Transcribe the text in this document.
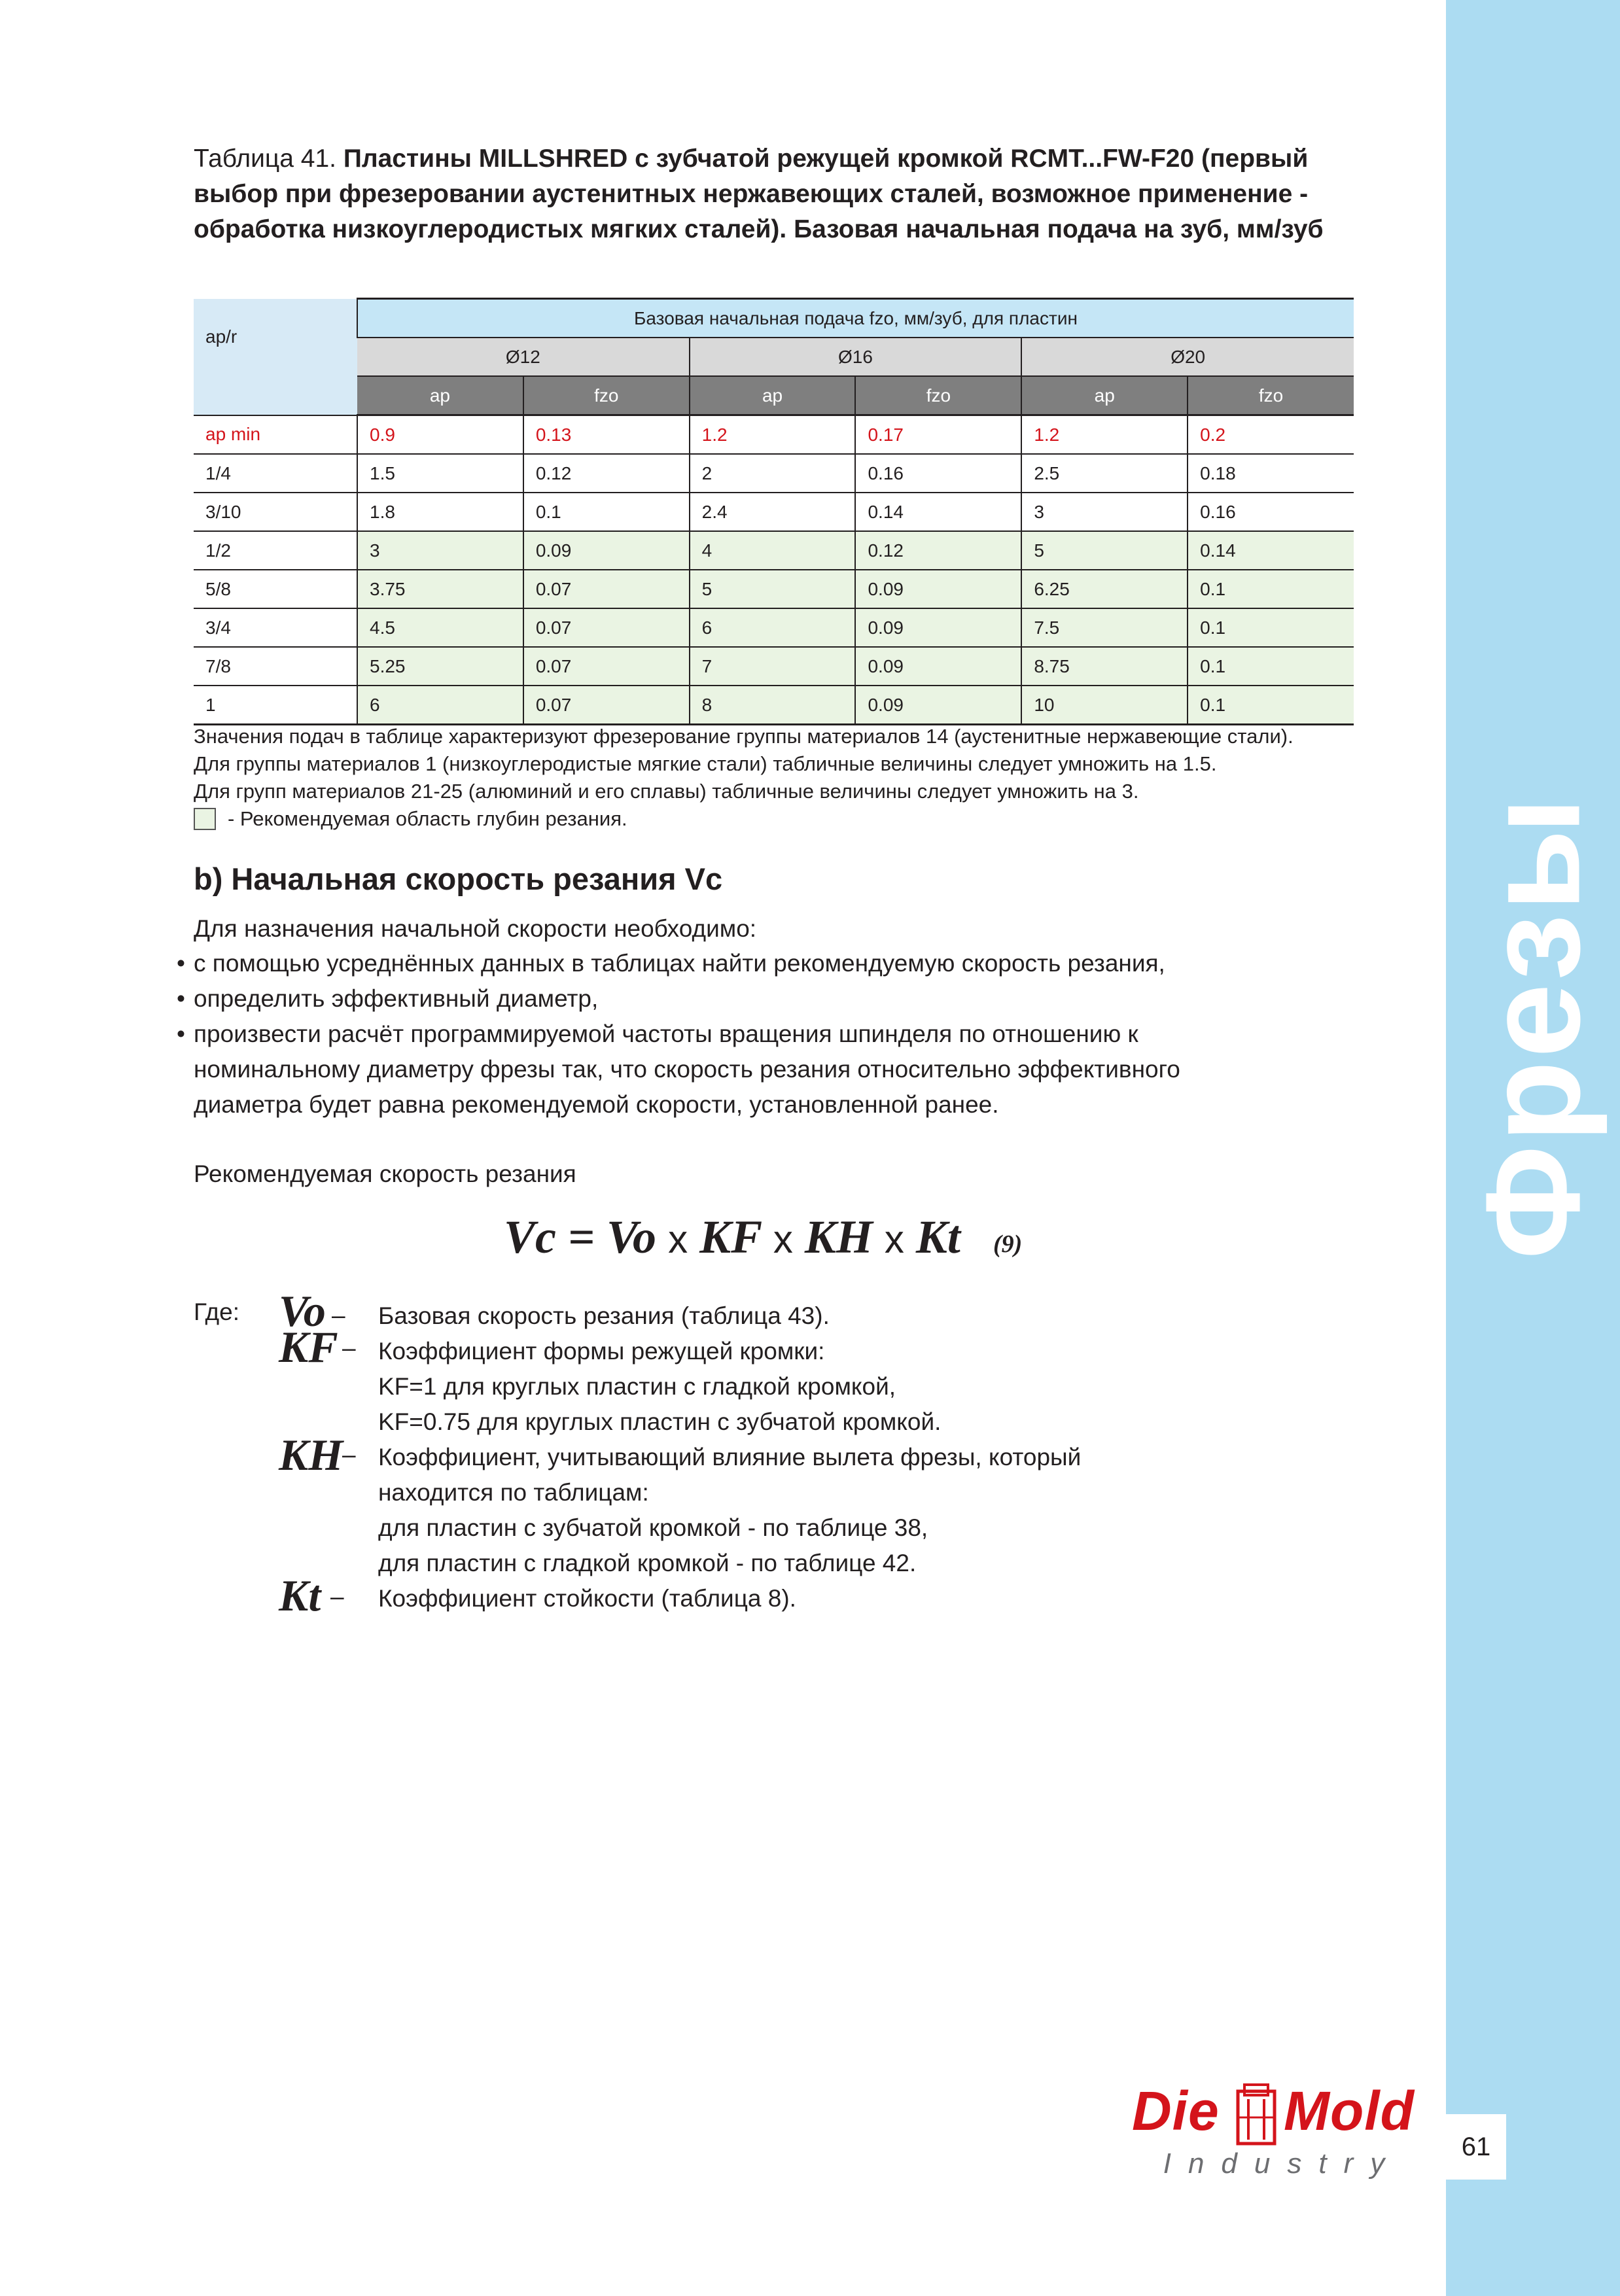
Фрезы
61
Таблица 41. Пластины MILLSHRED с зубчатой режущей кромкой RCMT...FW-F20 (первый выбор при фрезеровании аустенитных нержавеющих сталей, возможное применение - обработка низкоуглеродистых мягких сталей). Базовая начальная подача на зуб, мм/зуб
ap/r	Базовая начальная подача fzo, мм/зуб, для пластин					
	Ø12		Ø16		Ø20	
	ap	fzo	ap	fzo	ap	fzo
ap min	0.9	0.13	1.2	0.17	1.2	0.2
1/4	1.5	0.12	2	0.16	2.5	0.18
3/10	1.8	0.1	2.4	0.14	3	0.16
1/2	3	0.09	4	0.12	5	0.14
5/8	3.75	0.07	5	0.09	6.25	0.1
3/4	4.5	0.07	6	0.09	7.5	0.1
7/8	5.25	0.07	7	0.09	8.75	0.1
1	6	0.07	8	0.09	10	0.1
Значения подач в таблице характеризуют фрезерование группы материалов 14 (аустенитные нержавеющие стали).
Для группы материалов 1 (низкоуглеродистые мягкие стали) табличные величины следует умножить на 1.5.
Для групп материалов 21-25 (алюминий и его сплавы) табличные величины следует умножить на 3.
- Рекомендуемая область глубин резания.
b) Начальная скорость резания Vc
Для назначения начальной скорости необходимо:
• с помощью усреднённых данных в таблицах найти рекомендуемую скорость резания,
• определить эффективный диаметр,
• произвести расчёт программируемой частоты вращения шпинделя по отношению к номинальному диаметру фрезы так, что скорость резания относительно эффективного диаметра будет равна рекомендуемой скорости, установленной ранее.
Рекомендуемая скорость резания
Vc = Vo x KF x KH x Kt (9)
Где: Vo – Базовая скорость резания (таблица 43).
KF – Коэффициент формы режущей кромки:
KF=1 для круглых пластин с гладкой кромкой,
KF=0.75 для круглых пластин с зубчатой кромкой.
KH
– Коэффициент, учитывающий влияние вылета фрезы, который
находится по таблицам:
для пластин с зубчатой кромкой - по таблице 38,
для пластин с гладкой кромкой - по таблице 42.
Kt – Коэффициент стойкости (таблица 8).
Die Mold
Industry
